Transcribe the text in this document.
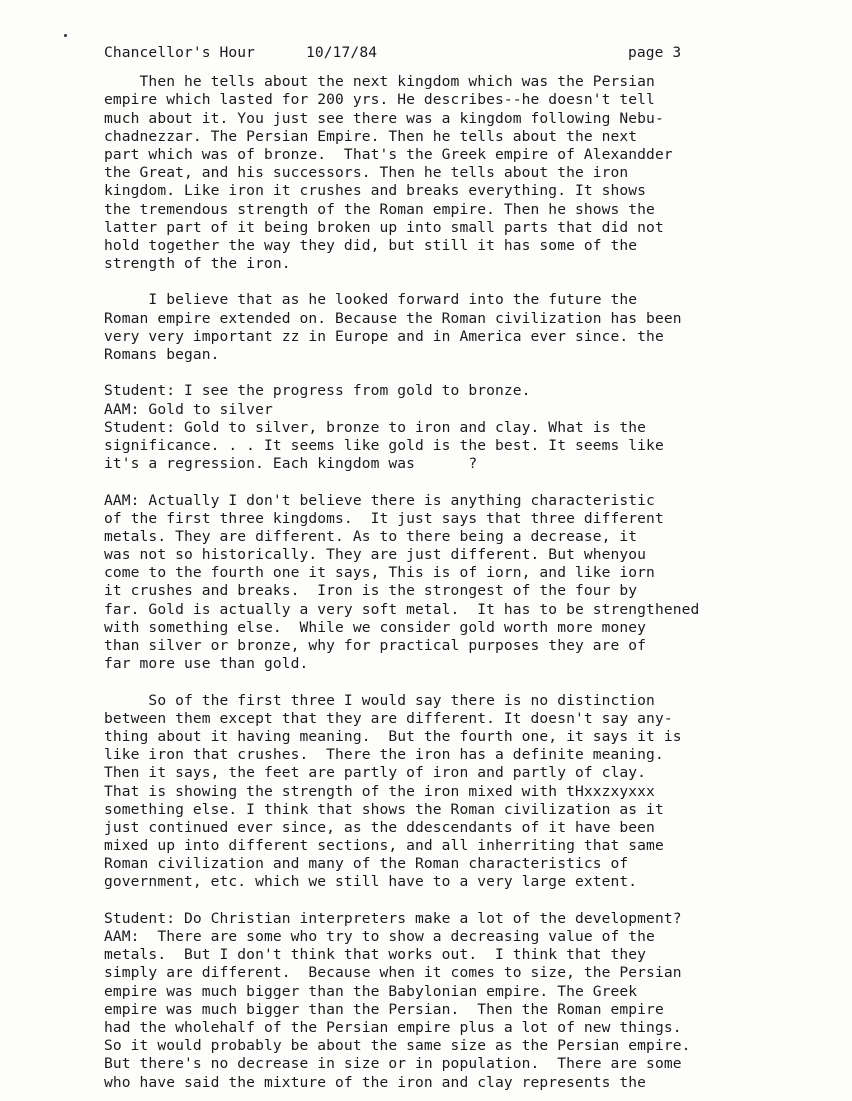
Chancellor's Hour	10/17/84	page 3
Then he tells about the next kingdom which was the Persian
empire which lasted for 200 yrs. He describes--he doesn't tell
much about it. You just see there was a kingdom following Nebu-
chadnezzar. The Persian Empire. Then he tells about the next
part which was of bronze.  That's the Greek empire of Alexandder
the Great, and his successors. Then he tells about the iron
kingdom. Like iron it crushes and breaks everything. It shows
the tremendous strength of the Roman empire. Then he shows the
latter part of it being broken up into small parts that did not
hold together the way they did, but still it has some of the
strength of the iron.
I believe that as he looked forward into the future the
Roman empire extended on. Because the Roman civilization has been
very very important zz in Europe and in America ever since. the
Romans began.
Student: I see the progress from gold to bronze.
AAM: Gold to silver
Student: Gold to silver, bronze to iron and clay. What is the
significance. . . It seems like gold is the best. It seems like
it's a regression. Each kingdom was      ?
AAM: Actually I don't believe there is anything characteristic
of the first three kingdoms.  It just says that three different
metals. They are different. As to there being a decrease, it
was not so historically. They are just different. But whenyou
come to the fourth one it says, This is of iorn, and like iorn
it crushes and breaks.  Iron is the strongest of the four by
far. Gold is actually a very soft metal.  It has to be strengthened
with something else.  While we consider gold worth more money
than silver or bronze, why for practical purposes they are of
far more use than gold.
So of the first three I would say there is no distinction
between them except that they are different. It doesn't say any-
thing about it having meaning.  But the fourth one, it says it is
like iron that crushes.  There the iron has a definite meaning.
Then it says, the feet are partly of iron and partly of clay.
That is showing the strength of the iron mixed with tHxxzxyxxx
something else. I think that shows the Roman civilization as it
just continued ever since, as the ddescendants of it have been
mixed up into different sections, and all inherriting that same
Roman civilization and many of the Roman characteristics of
government, etc. which we still have to a very large extent.
Student: Do Christian interpreters make a lot of the development?
AAM:  There are some who try to show a decreasing value of the
metals.  But I don't think that works out.  I think that they
simply are different.  Because when it comes to size, the Persian
empire was much bigger than the Babylonian empire. The Greek
empire was much bigger than the Persian.  Then the Roman empire
had the wholehalf of the Persian empire plus a lot of new things.
So it would probably be about the same size as the Persian empire.
But there's no decrease in size or in population.  There are some
who have said the mixture of the iron and clay represents the
